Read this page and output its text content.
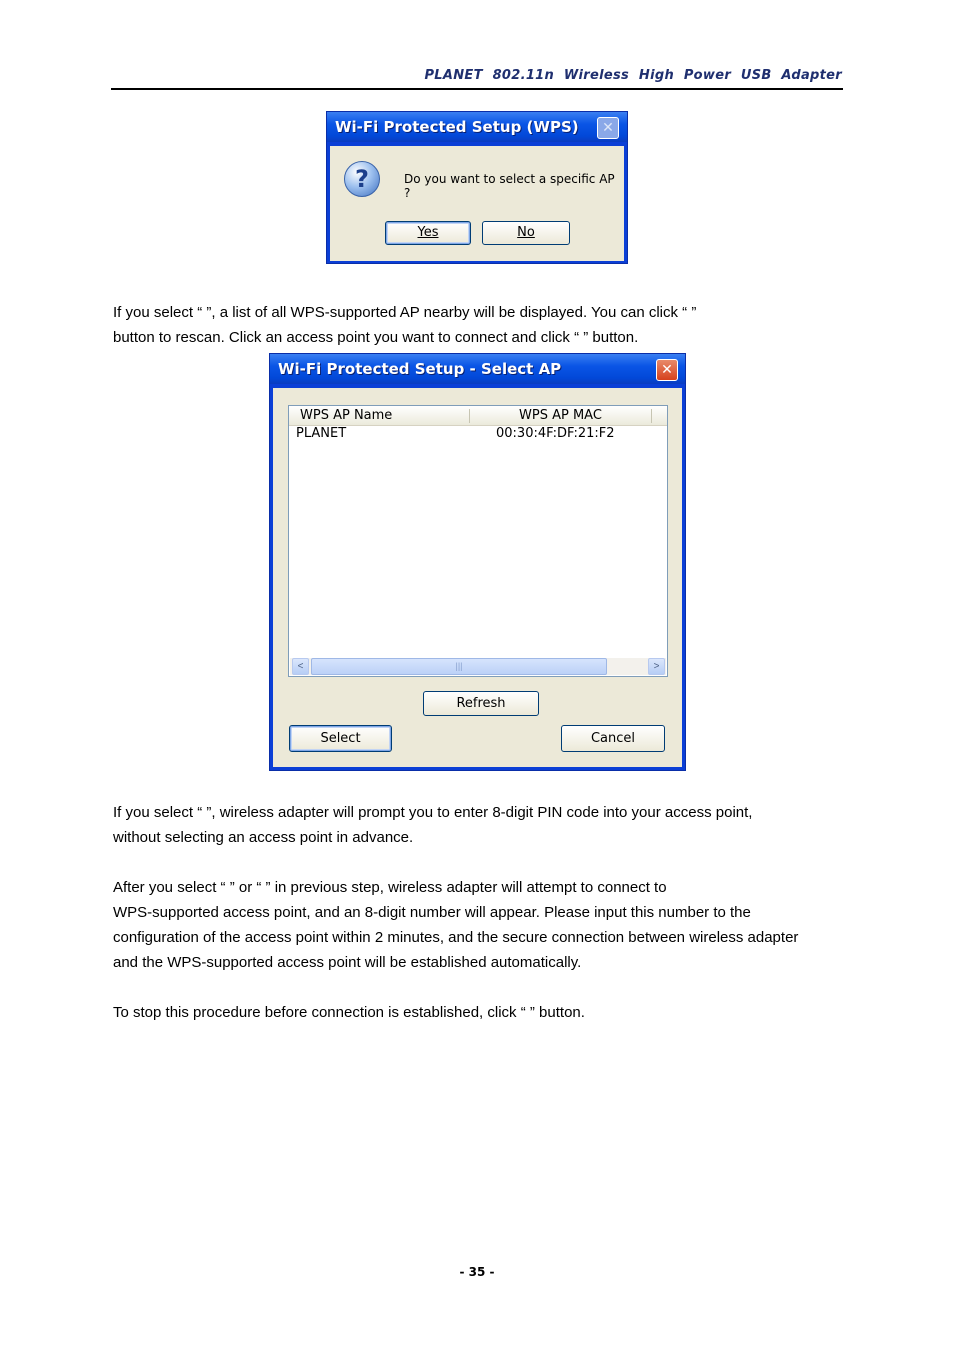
PLANET 802.11n Wireless High Power USB Adapter
Wi-Fi Protected Setup (WPS)	✕
?	Do you want to select a specific AP ?
Yes	No
If you select “ ”, a list of all WPS-supported AP nearby will be displayed. You can click “ ”
button to rescan. Click an access point you want to connect and click “ ” button.
Wi-Fi Protected Setup - Select AP	✕
WPS AP Name	WPS AP MAC
PLANET	00:30:4F:DF:21:F2
<	|||	>
Refresh
Select	Cancel
If you select “ ”, wireless adapter will prompt you to enter 8-digit PIN code into your access point,
without selecting an access point in advance.
After you select “ ” or “ ” in previous step, wireless adapter will attempt to connect to
WPS-supported access point, and an 8-digit number will appear. Please input this number to the
configuration of the access point within 2 minutes, and the secure connection between wireless adapter
and the WPS-supported access point will be established automatically.
To stop this procedure before connection is established, click “ ” button.
- 35 -
